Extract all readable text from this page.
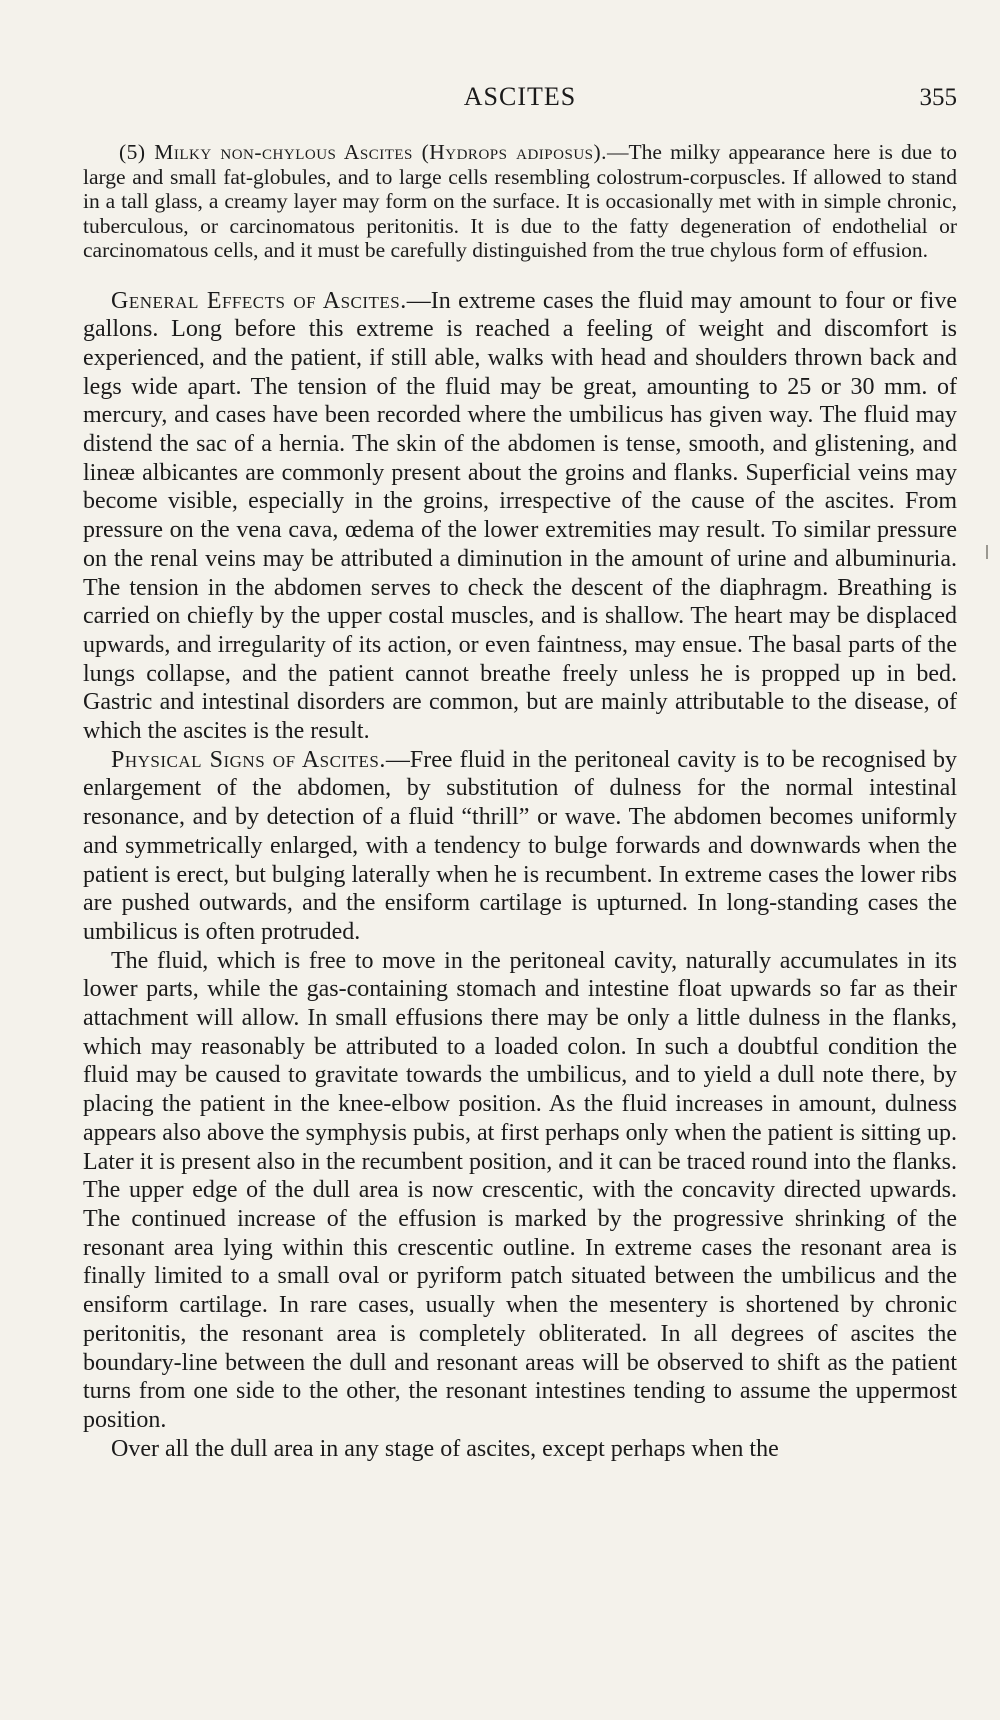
ASCITES	355

(5) Milky non-chylous Ascites (Hydrops adiposus).—The milky appearance here is due to large and small fat-globules, and to large cells resembling colostrum-corpuscles. If allowed to stand in a tall glass, a creamy layer may form on the surface. It is occasionally met with in simple chronic, tuberculous, or carcinomatous peritonitis. It is due to the fatty degeneration of endothelial or carcinomatous cells, and it must be carefully distinguished from the true chylous form of effusion.

General Effects of Ascites.—In extreme cases the fluid may amount to four or five gallons. Long before this extreme is reached a feeling of weight and discomfort is experienced, and the patient, if still able, walks with head and shoulders thrown back and legs wide apart. The tension of the fluid may be great, amounting to 25 or 30 mm. of mercury, and cases have been recorded where the umbilicus has given way. The fluid may distend the sac of a hernia. The skin of the abdomen is tense, smooth, and glistening, and lineæ albicantes are commonly present about the groins and flanks. Superficial veins may become visible, especially in the groins, irrespective of the cause of the ascites. From pressure on the vena cava, œdema of the lower extremities may result. To similar pressure on the renal veins may be attributed a diminution in the amount of urine and albuminuria. The tension in the abdomen serves to check the descent of the diaphragm. Breathing is carried on chiefly by the upper costal muscles, and is shallow. The heart may be displaced upwards, and irregularity of its action, or even faintness, may ensue. The basal parts of the lungs collapse, and the patient cannot breathe freely unless he is propped up in bed. Gastric and intestinal disorders are common, but are mainly attributable to the disease, of which the ascites is the result.

Physical Signs of Ascites.—Free fluid in the peritoneal cavity is to be recognised by enlargement of the abdomen, by substitution of dulness for the normal intestinal resonance, and by detection of a fluid “thrill” or wave. The abdomen becomes uniformly and symmetrically enlarged, with a tendency to bulge forwards and downwards when the patient is erect, but bulging laterally when he is recumbent. In extreme cases the lower ribs are pushed outwards, and the ensiform cartilage is upturned. In long-standing cases the umbilicus is often protruded.

The fluid, which is free to move in the peritoneal cavity, naturally accumulates in its lower parts, while the gas-containing stomach and intestine float upwards so far as their attachment will allow. In small effusions there may be only a little dulness in the flanks, which may reasonably be attributed to a loaded colon. In such a doubtful condition the fluid may be caused to gravitate towards the umbilicus, and to yield a dull note there, by placing the patient in the knee-elbow position. As the fluid increases in amount, dulness appears also above the symphysis pubis, at first perhaps only when the patient is sitting up. Later it is present also in the recumbent position, and it can be traced round into the flanks. The upper edge of the dull area is now crescentic, with the concavity directed upwards. The continued increase of the effusion is marked by the progressive shrinking of the resonant area lying within this crescentic outline. In extreme cases the resonant area is finally limited to a small oval or pyriform patch situated between the umbilicus and the ensiform cartilage. In rare cases, usually when the mesentery is shortened by chronic peritonitis, the resonant area is completely obliterated. In all degrees of ascites the boundary-line between the dull and resonant areas will be observed to shift as the patient turns from one side to the other, the resonant intestines tending to assume the uppermost position.

Over all the dull area in any stage of ascites, except perhaps when the
